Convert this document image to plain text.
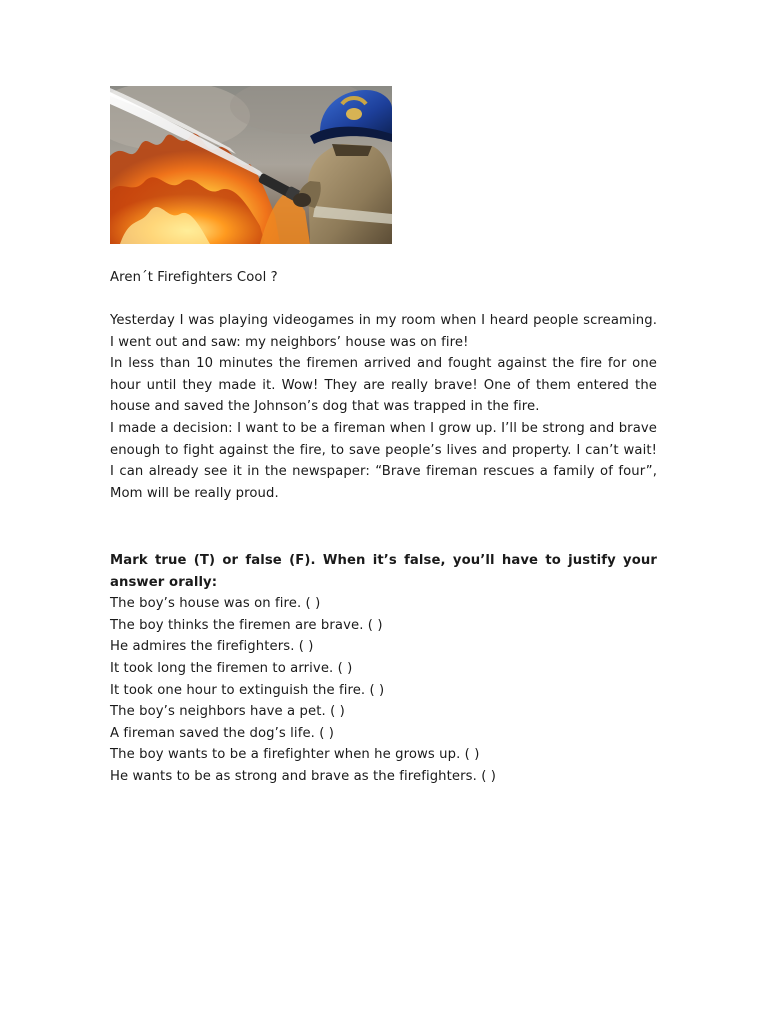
Aren´t Firefighters Cool ?

Yesterday I was playing videogames in my room when I heard people screaming. I went out and saw: my neighbors’ house was on fire!

In less than 10 minutes the firemen arrived and fought against the fire for one hour until they made it. Wow! They are really brave! One of them entered the house and saved the Johnson’s dog that was trapped in the fire.

I made a decision: I want to be a fireman when I grow up. I’ll be strong and brave enough to fight against the fire, to save people’s lives and property. I can’t wait! I can already see it in the newspaper: “Brave fireman rescues a family of four”, Mom will be really proud.

Mark true (T) or false (F). When it’s false, you’ll have to justify your answer orally:

The boy’s house was on fire. ( )
The boy thinks the firemen are brave. ( )
He admires the firefighters. ( )
It took long the firemen to arrive. ( )
It took one hour to extinguish the fire. ( )
The boy’s neighbors have a pet. ( )
A fireman saved the dog’s life. ( )
The boy wants to be a firefighter when he grows up. ( )
He wants to be as strong and brave as the firefighters. ( )
